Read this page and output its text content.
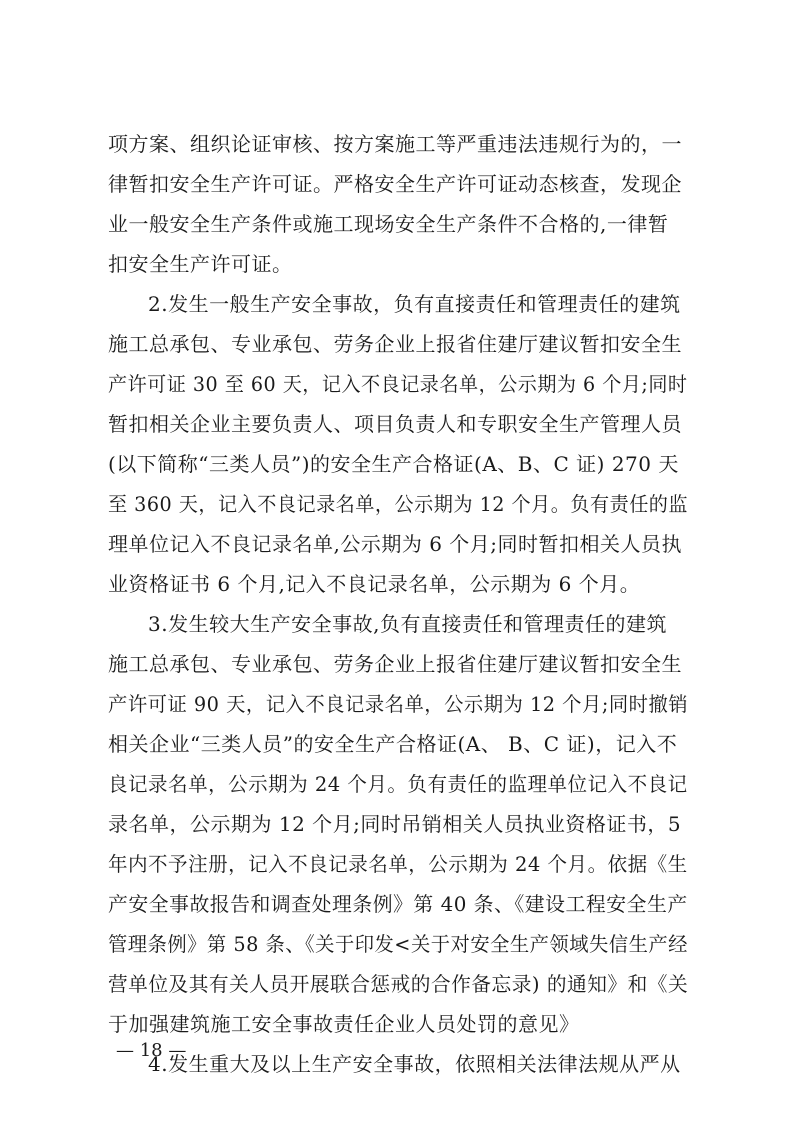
项方案、组织论证审核、按方案施工等严重违法违规行为的，一
律暂扣安全生产许可证。严格安全生产许可证动态核查，发现企
业一般安全生产条件或施工现场安全生产条件不合格的,一律暂
扣安全生产许可证。
2.发生一般生产安全事故，负有直接责任和管理责任的建筑
施工总承包、专业承包、劳务企业上报省住建厅建议暂扣安全生
产许可证 30 至 60 天，记入不良记录名单，公示期为 6 个月;同时
暂扣相关企业主要负责人、项目负责人和专职安全生产管理人员
(以下简称“三类人员”)的安全生产合格证(A、B、C 证) 270 天
至 360 天，记入不良记录名单，公示期为 12 个月。负有责任的监
理单位记入不良记录名单,公示期为 6 个月;同时暂扣相关人员执
业资格证书 6 个月,记入不良记录名单，公示期为 6 个月。
3.发生较大生产安全事故,负有直接责任和管理责任的建筑
施工总承包、专业承包、劳务企业上报省住建厅建议暂扣安全生
产许可证 90 天，记入不良记录名单，公示期为 12 个月;同时撤销
相关企业“三类人员”的安全生产合格证(A、 B、C 证)，记入不
良记录名单，公示期为 24 个月。负有责任的监理单位记入不良记
录名单，公示期为 12 个月;同时吊销相关人员执业资格证书，5
年内不予注册，记入不良记录名单，公示期为 24 个月。依据《生
产安全事故报告和调查处理条例》第 40 条、《建设工程安全生产
管理条例》第 58 条、《关于印发<关于对安全生产领域失信生产经
营单位及其有关人员开展联合惩戒的合作备忘录) 的通知》和《关
于加强建筑施工安全事故责任企业人员处罚的意见》
4.发生重大及以上生产安全事故，依照相关法律法规从严从
— 18 —
